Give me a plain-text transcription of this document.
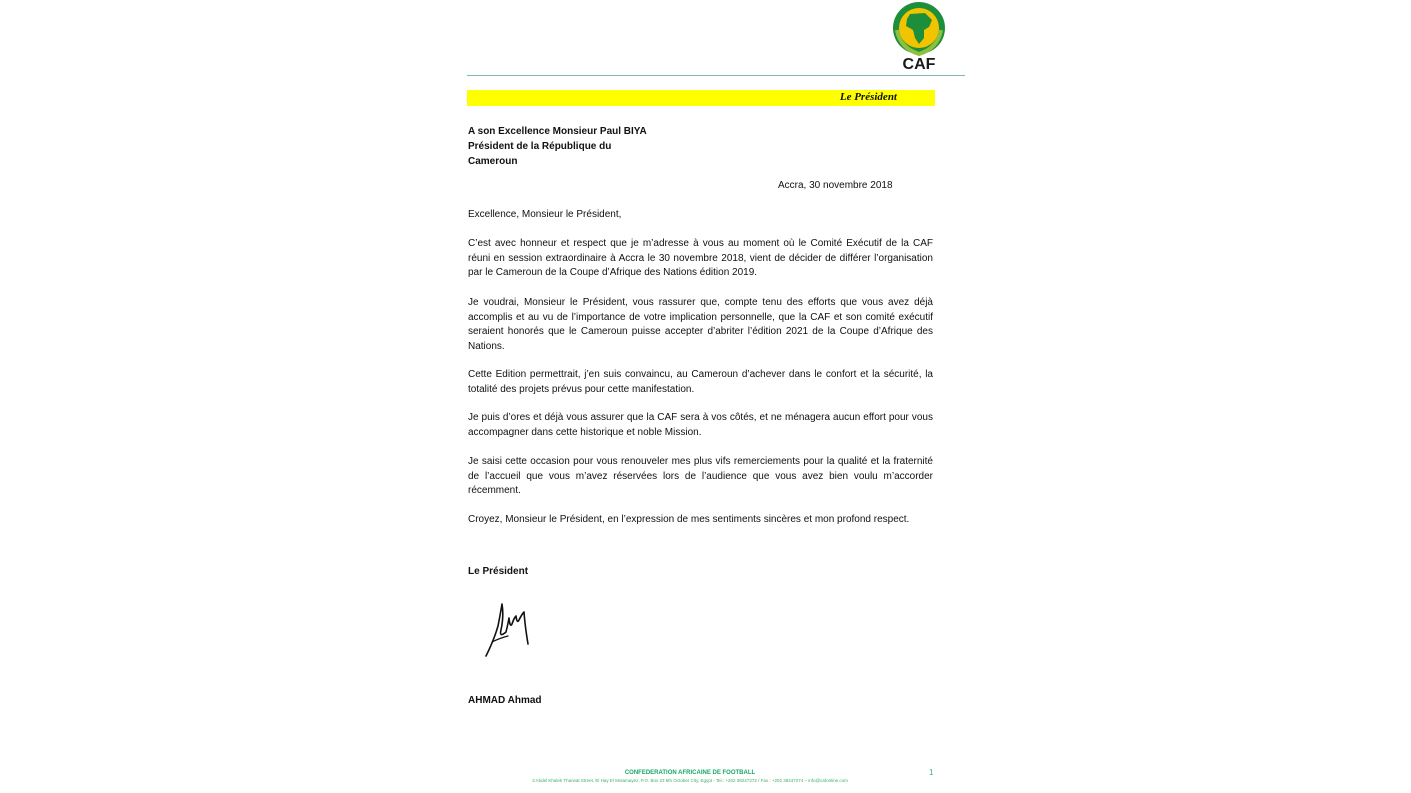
CAF
Le Président
A son Excellence Monsieur Paul BIYA
Président de la République du
Cameroun
Accra, 30 novembre 2018
Excellence, Monsieur le Président,

C’est avec honneur et respect que je m’adresse à vous au moment où le Comité Exécutif de la CAF réuni en session extraordinaire à Accra le 30 novembre 2018, vient de décider de différer l’organisation par le Cameroun de la Coupe d’Afrique des Nations édition 2019.

Je voudrai, Monsieur le Président, vous rassurer que, compte tenu des efforts que vous avez déjà accomplis et au vu de l’importance de votre implication personnelle, que la CAF et son comité exécutif seraient honorés que le Cameroun puisse accepter d’abriter l’édition 2021 de la Coupe d’Afrique des Nations.

Cette Edition permettrait, j’en suis convaincu, au Cameroun d’achever dans le confort et la sécurité, la totalité des projets prévus pour cette manifestation.

Je puis d’ores et déjà vous assurer que la CAF sera à vos côtés, et ne ménagera aucun effort pour vous accompagner dans cette historique et noble Mission.

Je saisi cette occasion pour vous renouveler mes plus vifs remerciements pour la qualité et la fraternité de l’accueil que vous m’avez réservées lors de l’audience que vous avez bien voulu m’accorder récemment.

Croyez, Monsieur le Président, en l’expression de mes sentiments sincères et mon profond respect.

Le Président
AHMAD Ahmad
CONFEDERATION AFRICAINE DE FOOTBALL
3 Abdel Khalek Tharwat Street, El Hay El Motamayez, P.O. Box 23 6th October City, Egypt - Tel.: +202 38247272 / Fax : +202 38247274 – info@cafonline.com
1
